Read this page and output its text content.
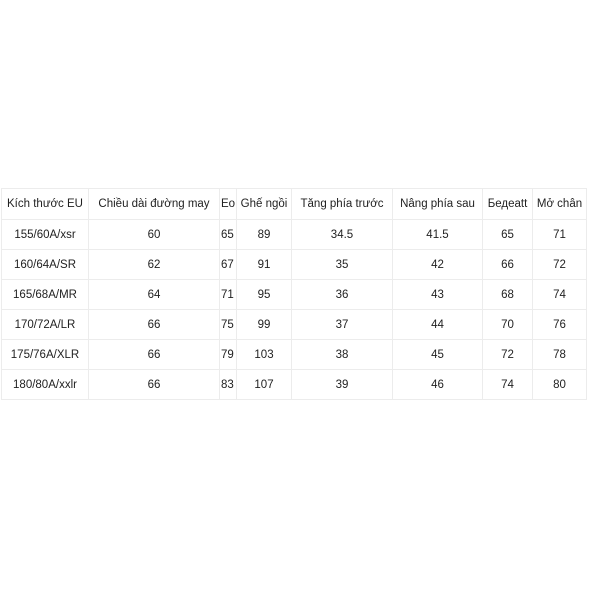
Kích thước EU	Chiều dài đường may	Eo	Ghế ngồi	Tăng phía trước	Nâng phía sau	Бедеatt	Mở chân
155/60A/xsr	60	65	89	34.5	41.5	65	71
160/64A/SR	62	67	91	35	42	66	72
165/68A/MR	64	71	95	36	43	68	74
170/72A/LR	66	75	99	37	44	70	76
175/76A/XLR	66	79	103	38	45	72	78
180/80A/xxlr	66	83	107	39	46	74	80
